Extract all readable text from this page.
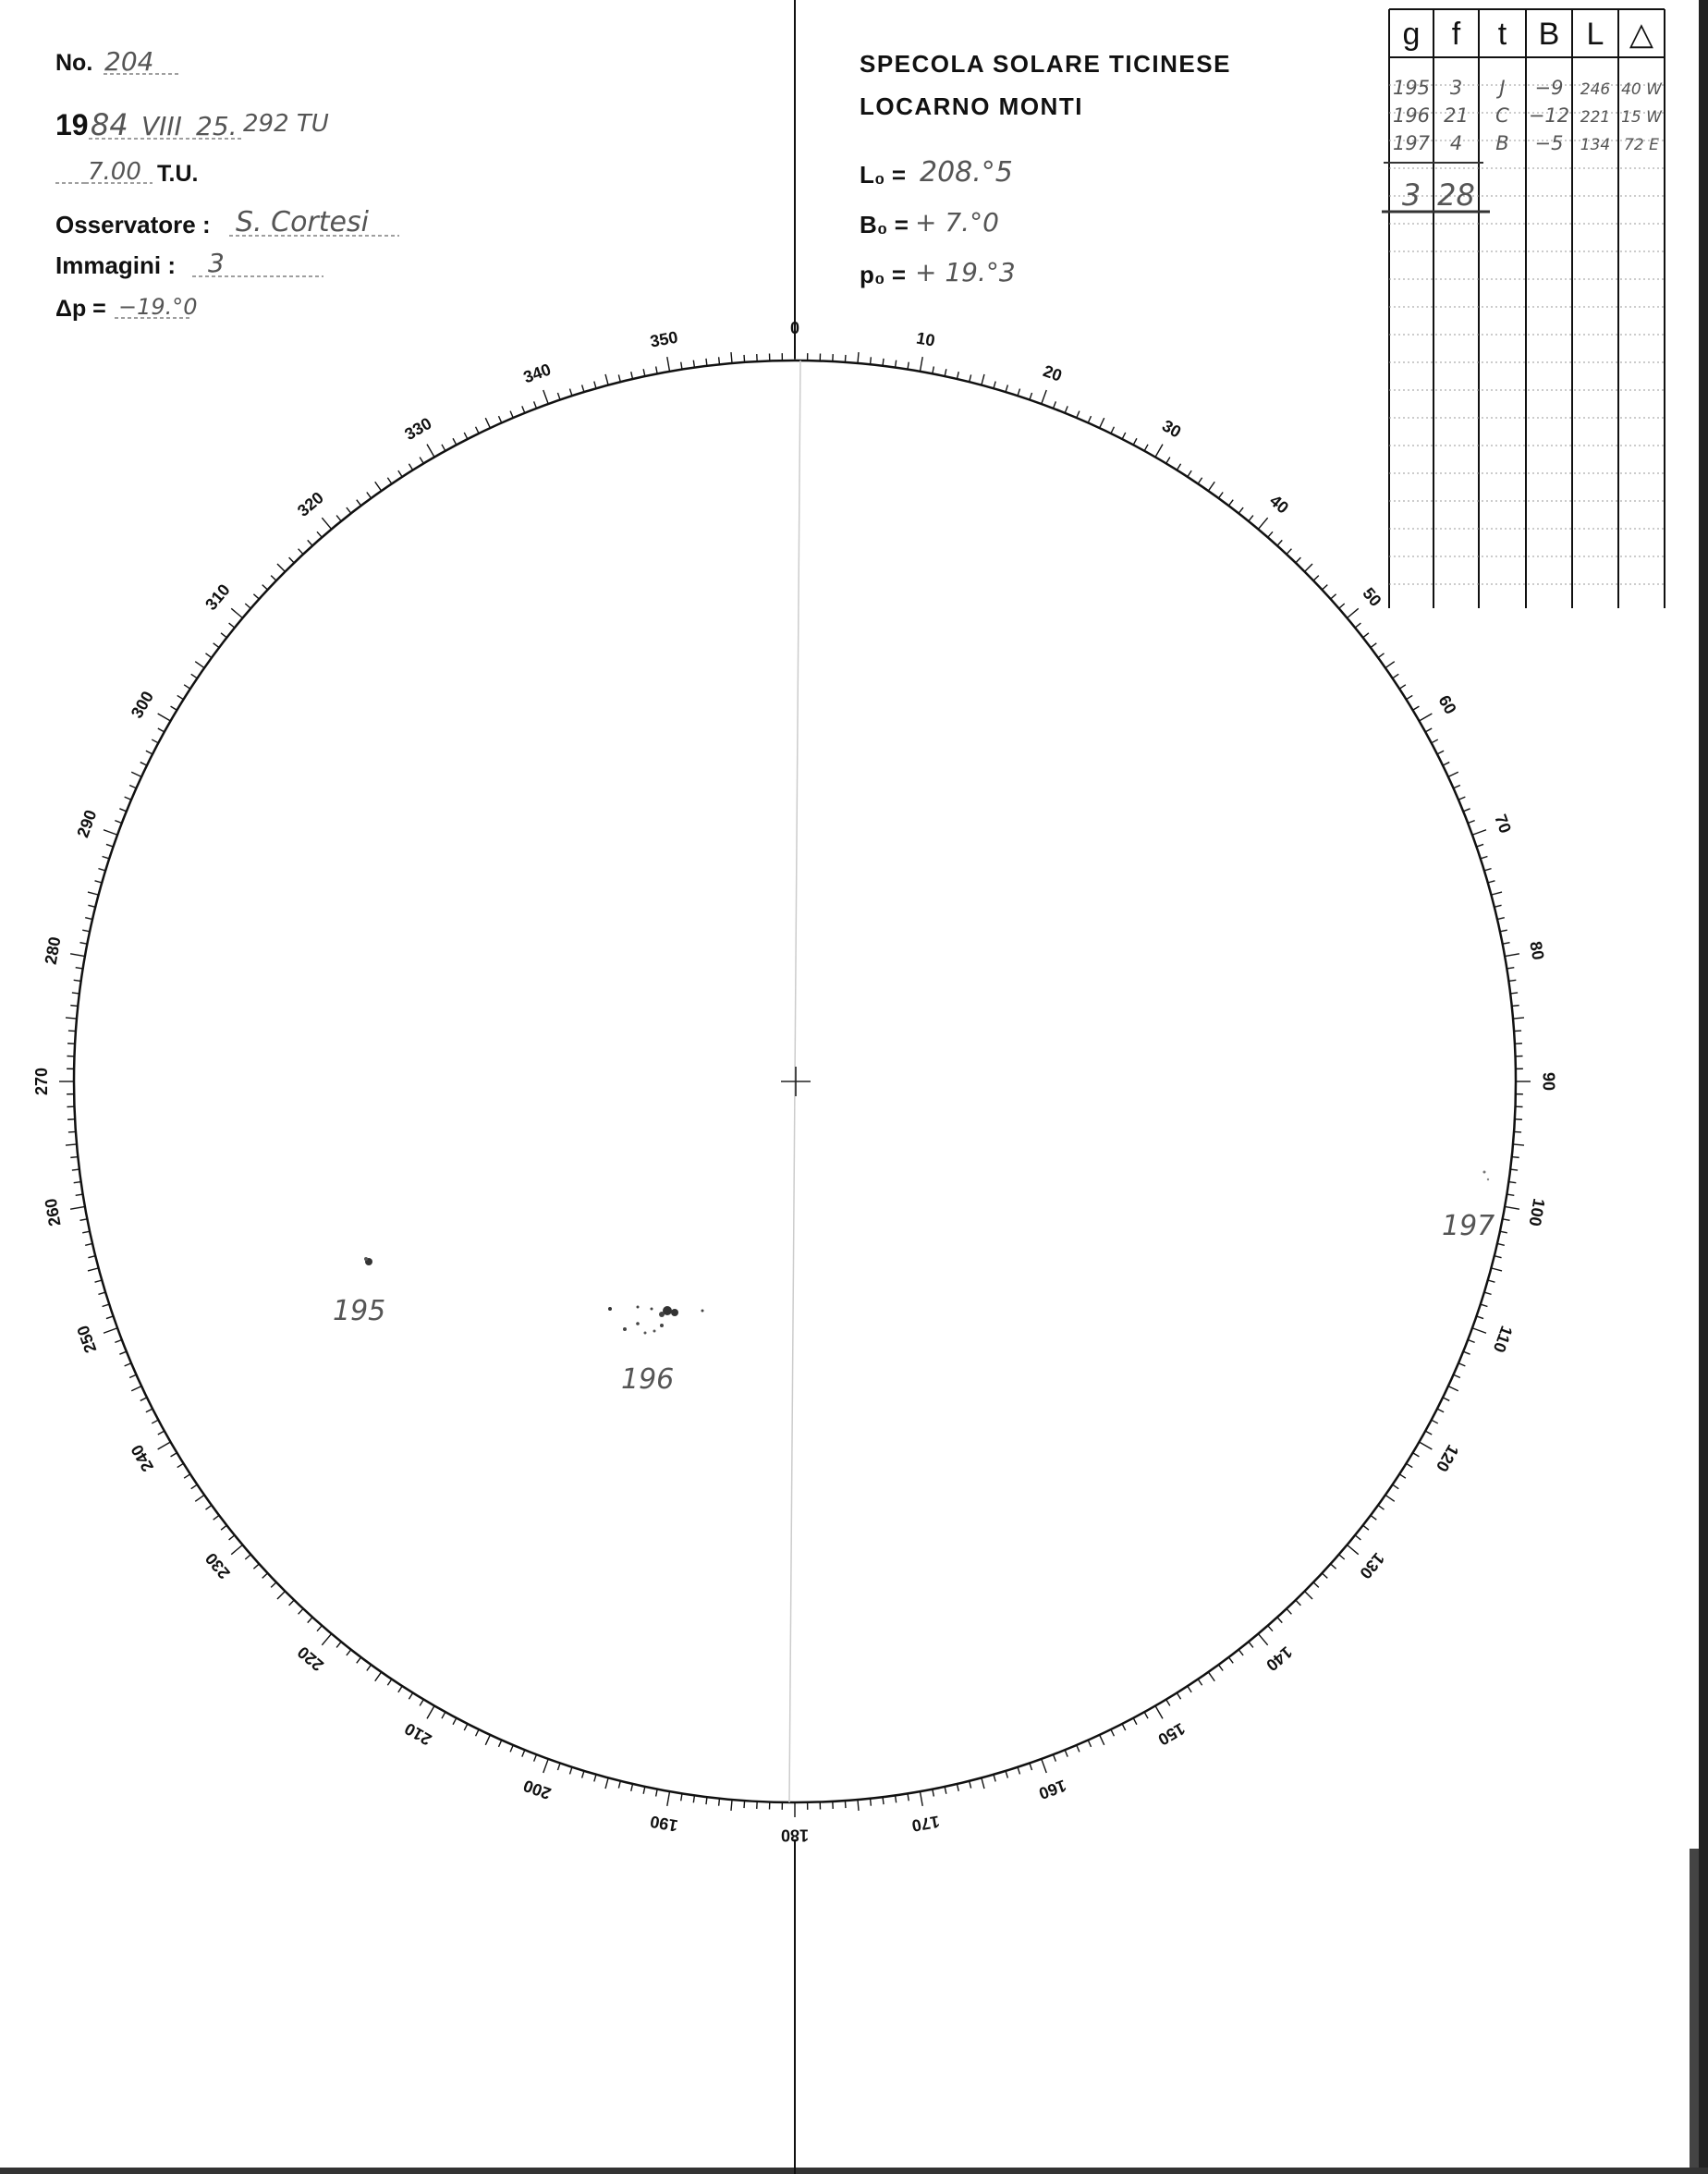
No. 204
19 84 VIII 25. 292 TU
7.00 T.U.
Osservatore : S. Cortesi
Immagini : 3
Δp = −19.°0
SPECOLA SOLARE TICINESE
LOCARNO MONTI
L₀ = 208.°5
B₀ = + 7.°0
p₀ = + 19.°3
g f t B L △
195 3 J −9 246 40 W
196 21 C −12 221 15 W
197 4 B −5 134 72 E
3 28
0
10
20
30
40
50
60
70
80
90
100
110
120
130
140
150
160
170
180
190
200
210
220
230
240
250
260
270
280
290
300
310
320
330
340
350
195
196
197
